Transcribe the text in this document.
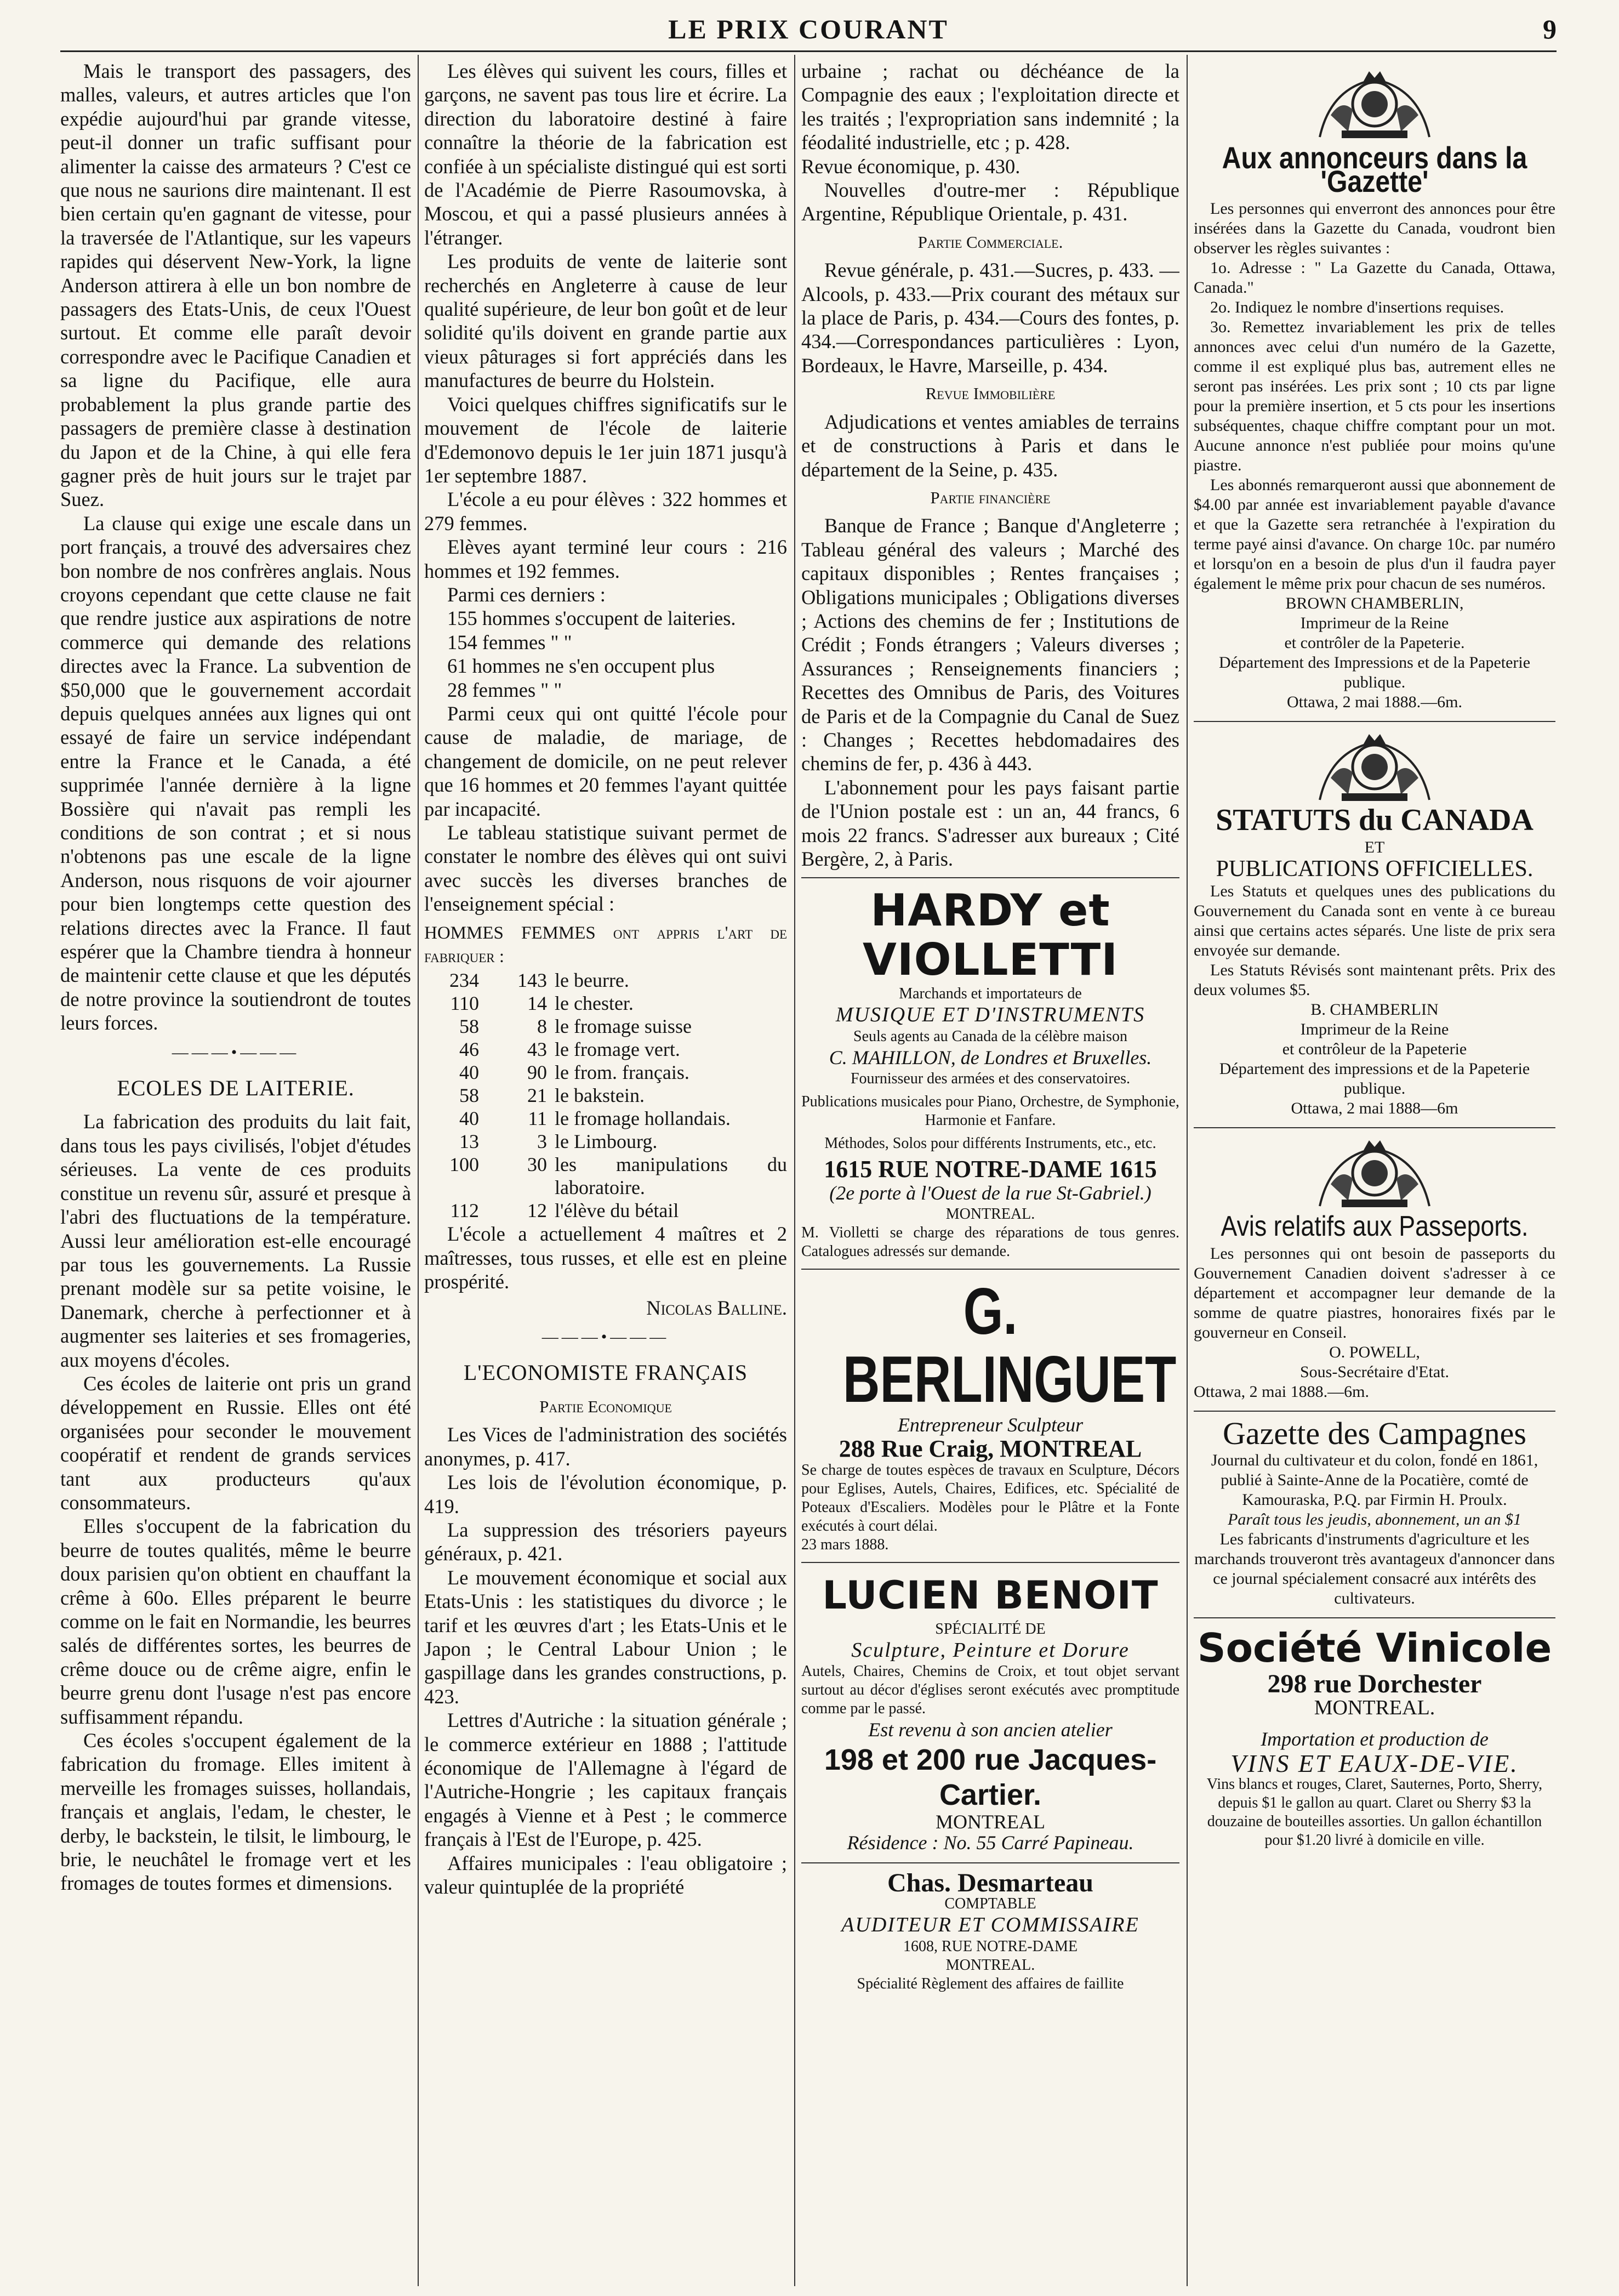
LE PRIX COURANT	9

Mais le transport des passagers, des malles, valeurs, et autres articles que l'on expédie aujourd'hui par grande vitesse, peut-il donner un trafic suffisant pour alimenter la caisse des armateurs ? C'est ce que nous ne saurions dire maintenant. Il est bien certain qu'en gagnant de vitesse, pour la traversée de l'Atlantique, sur les vapeurs rapides qui déservent New-York, la ligne Anderson attirera à elle un bon nombre de passagers des Etats-Unis, de ceux l'Ouest surtout. Et comme elle paraît devoir correspondre avec le Pacifique Canadien et sa ligne du Pacifique, elle aura probablement la plus grande partie des passagers de première classe à destination du Japon et de la Chine, à qui elle fera gagner près de huit jours sur le trajet par Suez.

La clause qui exige une escale dans un port français, a trouvé des adversaires chez bon nombre de nos confrères anglais. Nous croyons cependant que cette clause ne fait que rendre justice aux aspirations de notre commerce qui demande des relations directes avec la France. La subvention de $50,000 que le gouvernement accordait depuis quelques années aux lignes qui ont essayé de faire un service indépendant entre la France et le Canada, a été supprimée l'année dernière à la ligne Bossière qui n'avait pas rempli les conditions de son contrat ; et si nous n'obtenons pas une escale de la ligne Anderson, nous risquons de voir ajourner pour bien longtemps cette question des relations directes avec la France. Il faut espérer que la Chambre tiendra à honneur de maintenir cette clause et que les députés de notre province la soutiendront de toutes leurs forces.

———•———
ECOLES DE LAITERIE.

La fabrication des produits du lait fait, dans tous les pays civilisés, l'objet d'études sérieuses. La vente de ces produits constitue un revenu sûr, assuré et presque à l'abri des fluctuations de la température. Aussi leur amélioration est-elle encouragé par tous les gouvernements. La Russie prenant modèle sur sa petite voisine, le Danemark, cherche à perfectionner et à augmenter ses laiteries et ses fromageries, aux moyens d'écoles.

Ces écoles de laiterie ont pris un grand développement en Russie. Elles ont été organisées pour seconder le mouvement coopératif et rendent de grands services tant aux producteurs qu'aux consommateurs.

Elles s'occupent de la fabrication du beurre de toutes qualités, même le beurre doux parisien qu'on obtient en chauffant la crême à 60o. Elles préparent le beurre comme on le fait en Normandie, les beurres salés de différentes sortes, les beurres de crême douce ou de crême aigre, enfin le beurre grenu dont l'usage n'est pas encore suffisamment répandu.

Ces écoles s'occupent également de la fabrication du fromage. Elles imitent à merveille les fromages suisses, hollandais, français et anglais, l'edam, le chester, le derby, le backstein, le tilsit, le limbourg, le brie, le neuchâtel le fromage vert et les fromages de toutes formes et dimensions.

Les élèves qui suivent les cours, filles et garçons, ne savent pas tous lire et écrire. La direction du laboratoire destiné à faire connaître la théorie de la fabrication est confiée à un spécialiste distingué qui est sorti de l'Académie de Pierre Rasoumovska, à Moscou, et qui a passé plusieurs années à l'étranger.

Les produits de vente de laiterie sont recherchés en Angleterre à cause de leur qualité supérieure, de leur bon goût et de leur solidité qu'ils doivent en grande partie aux vieux pâturages si fort appréciés dans les manufactures de beurre du Holstein.

Voici quelques chiffres significatifs sur le mouvement de l'école de laiterie d'Edemonovo depuis le 1er juin 1871 jusqu'à 1er septembre 1887.

L'école a eu pour élèves : 322 hommes et 279 femmes.

Elèves ayant terminé leur cours : 216 hommes et 192 femmes.

Parmi ces derniers :

155 hommes s'occupent de laiteries.

154 femmes " "

61 hommes ne s'en occupent plus

28 femmes " "

Parmi ceux qui ont quitté l'école pour cause de maladie, de mariage, de changement de domicile, on ne peut relever que 16 hommes et 20 femmes l'ayant quittée par incapacité.

Le tableau statistique suivant permet de constater le nombre des élèves qui ont suivi avec succès les diverses branches de l'enseignement spécial :

HOMMES FEMMES ont appris l'art de fabriquer :
234	143	le beurre.
110	14	le chester.
58	8	le fromage suisse
46	43	le fromage vert.
40	90	le from. français.
58	21	le bakstein.
40	11	le fromage hollandais.
13	3	le Limbourg.
100	30	les manipulations du laboratoire.
112	12	l'élève du bétail

L'école a actuellement 4 maîtres et 2 maîtresses, tous russes, et elle est en pleine prospérité.

Nicolas Balline.

———•———
L'ECONOMISTE FRANÇAIS
Partie Economique

Les Vices de l'administration des sociétés anonymes, p. 417.

Les lois de l'évolution économique, p. 419.

La suppression des trésoriers payeurs généraux, p. 421.

Le mouvement économique et social aux Etats-Unis : les statistiques du divorce ; le tarif et les œuvres d'art ; les Etats-Unis et le Japon ; le Central Labour Union ; le gaspillage dans les grandes constructions, p. 423.

Lettres d'Autriche : la situation générale ; le commerce extérieur en 1888 ; l'attitude économique de l'Allemagne à l'égard de l'Autriche-Hongrie ; les capitaux français engagés à Vienne et à Pest ; le commerce français à l'Est de l'Europe, p. 425.

Affaires municipales : l'eau obligatoire ; valeur quintuplée de la propriété

urbaine ; rachat ou déchéance de la Compagnie des eaux ; l'exploitation directe et les traités ; l'expropriation sans indemnité ; la féodalité industrielle, etc ; p. 428.

Revue économique, p. 430.

Nouvelles d'outre-mer : République Argentine, République Orientale, p. 431.

Partie Commerciale.

Revue générale, p. 431.—Sucres, p. 433. —Alcools, p. 433.—Prix courant des métaux sur la place de Paris, p. 434.—Cours des fontes, p. 434.—Correspondances particulières : Lyon, Bordeaux, le Havre, Marseille, p. 434.

Revue Immobilière

Adjudications et ventes amiables de terrains et de constructions à Paris et dans le département de la Seine, p. 435.

Partie financière

Banque de France ; Banque d'Angleterre ; Tableau général des valeurs ; Marché des capitaux disponibles ; Rentes françaises ; Obligations municipales ; Obligations diverses ; Actions des chemins de fer ; Institutions de Crédit ; Fonds étrangers ; Valeurs diverses ; Assurances ; Renseignements financiers ; Recettes des Omnibus de Paris, des Voitures de Paris et de la Compagnie du Canal de Suez : Changes ; Recettes hebdomadaires des chemins de fer, p. 436 à 443.

L'abonnement pour les pays faisant partie de l'Union postale est : un an, 44 francs, 6 mois 22 francs. S'adresser aux bureaux ; Cité Bergère, 2, à Paris.

HARDY et VIOLLETTI
Marchands et importateurs de
MUSIQUE ET D'INSTRUMENTS
Seuls agents au Canada de la célèbre maison
C. MAHILLON, de Londres et Bruxelles.
Fournisseur des armées et des conservatoires.
Publications musicales pour Piano, Orchestre, de Symphonie, Harmonie et Fanfare.
Méthodes, Solos pour différents Instruments, etc., etc.
1615 RUE NOTRE-DAME 1615
(2e porte à l'Ouest de la rue St-Gabriel.)
MONTREAL.
M. Violletti se charge des réparations de tous genres. Catalogues adressés sur demande.
G. BERLINGUET
Entrepreneur Sculpteur
288 Rue Craig, MONTREAL
Se charge de toutes espèces de travaux en Sculpture, Décors pour Eglises, Autels, Chaires, Edifices, etc. Spécialité de Poteaux d'Escaliers. Modèles pour le Plâtre et la Fonte exécutés à court délai.
23 mars 1888.
LUCIEN BENOIT
SPÉCIALITÉ DE
Sculpture, Peinture et Dorure
Autels, Chaires, Chemins de Croix, et tout objet servant surtout au décor d'églises seront exécutés avec promptitude comme par le passé.
Est revenu à son ancien atelier
198 et 200 rue Jacques-Cartier.
MONTREAL
Résidence : No. 55 Carré Papineau.
Chas. Desmarteau
COMPTABLE
AUDITEUR ET COMMISSAIRE
1608, RUE NOTRE-DAME
MONTREAL.
Spécialité Règlement des affaires de faillite
Aux annonceurs dans la 'Gazette'

Les personnes qui enverront des annonces pour être insérées dans la Gazette du Canada, voudront bien observer les règles suivantes :

1o. Adresse : " La Gazette du Canada, Ottawa, Canada."

2o. Indiquez le nombre d'insertions requises.

3o. Remettez invariablement les prix de telles annonces avec celui d'un numéro de la Gazette, comme il est expliqué plus bas, autrement elles ne seront pas insérées. Les prix sont ; 10 cts par ligne pour la première insertion, et 5 cts pour les insertions subséquentes, chaque chiffre comptant pour un mot. Aucune annonce n'est publiée pour moins qu'une piastre.

Les abonnés remarqueront aussi que abonnement de $4.00 par année est invariablement payable d'avance et que la Gazette sera retranchée à l'expiration du terme payé ainsi d'avance. On charge 10c. par numéro et lorsqu'on en a besoin de plus d'un il faudra payer également le même prix pour chacun de ses numéros.

BROWN CHAMBERLIN,
Imprimeur de la Reine
et contrôler de la Papeterie.
Département des Impressions et de la Papeterie publique.
Ottawa, 2 mai 1888.—6m.
STATUTS du CANADA
ET
PUBLICATIONS OFFICIELLES.

Les Statuts et quelques unes des publications du Gouvernement du Canada sont en vente à ce bureau ainsi que certains actes séparés. Une liste de prix sera envoyée sur demande.

Les Statuts Révisés sont maintenant prêts. Prix des deux volumes $5.

B. CHAMBERLIN
Imprimeur de la Reine
et contrôleur de la Papeterie
Département des impressions et de la Papeterie publique.
Ottawa, 2 mai 1888—6m
Avis relatifs aux Passeports.

Les personnes qui ont besoin de passeports du Gouvernement Canadien doivent s'adresser à ce département et accompagner leur demande de la somme de quatre piastres, honoraires fixés par le gouverneur en Conseil.

O. POWELL,
Sous-Secrétaire d'Etat.
Ottawa, 2 mai 1888.—6m.
Gazette des Campagnes
Journal du cultivateur et du colon, fondé en 1861, publié à Sainte-Anne de la Pocatière, comté de Kamouraska, P.Q. par Firmin H. Proulx.
Paraît tous les jeudis, abonnement, un an $1
Les fabricants d'instruments d'agriculture et les marchands trouveront très avantageux d'annoncer dans ce journal spécialement consacré aux intérêts des cultivateurs.
Société Vinicole
298 rue Dorchester
MONTREAL.
Importation et production de
VINS ET EAUX-DE-VIE.
Vins blancs et rouges, Claret, Sauternes, Porto, Sherry, depuis $1 le gallon au quart. Claret ou Sherry $3 la douzaine de bouteilles assorties. Un gallon échantillon pour $1.20 livré à domicile en ville.
